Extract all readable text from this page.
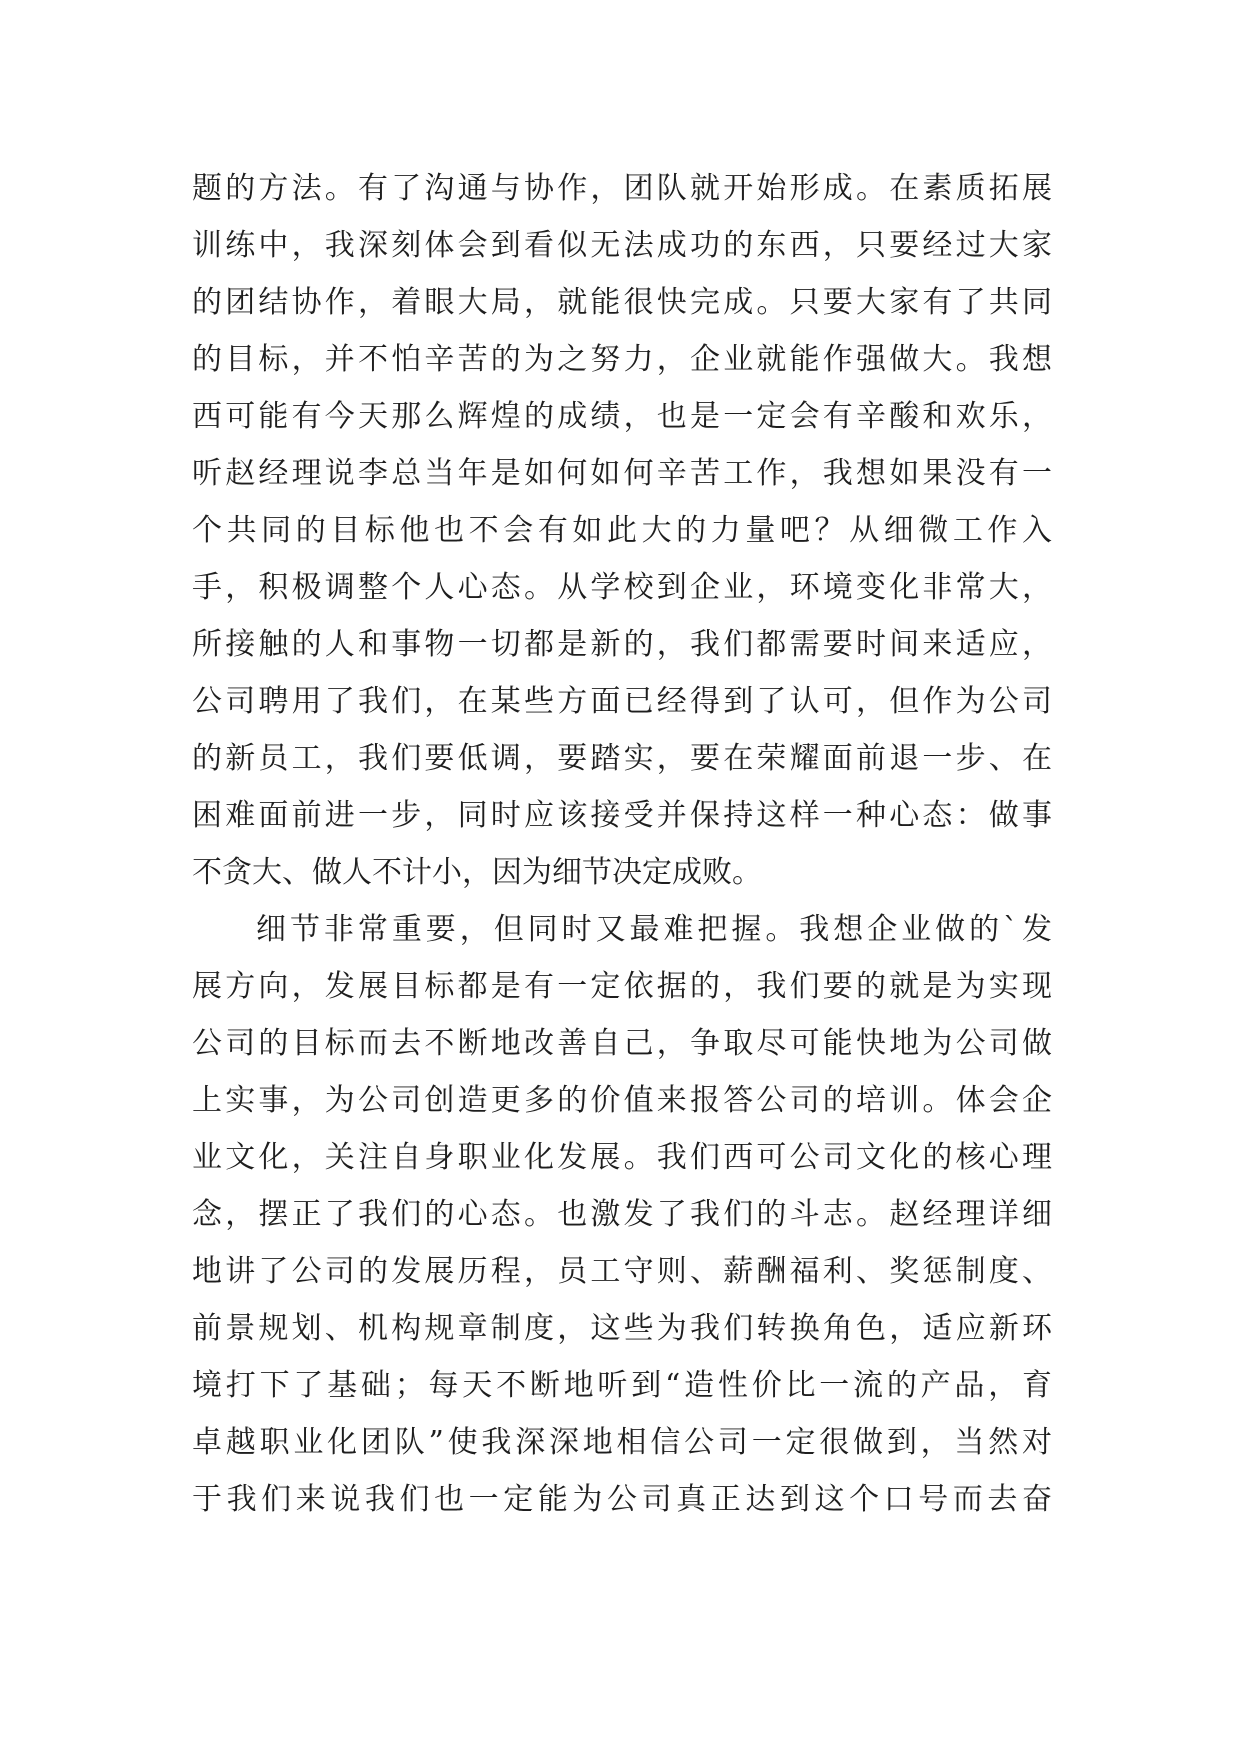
题的方法。有了沟通与协作，团队就开始形成。在素质拓展
训练中，我深刻体会到看似无法成功的东西，只要经过大家
的团结协作，着眼大局，就能很快完成。只要大家有了共同
的目标，并不怕辛苦的为之努力，企业就能作强做大。我想
西可能有今天那么辉煌的成绩，也是一定会有辛酸和欢乐，
听赵经理说李总当年是如何如何辛苦工作，我想如果没有一
个共同的目标他也不会有如此大的力量吧？从细微工作入
手，积极调整个人心态。从学校到企业，环境变化非常大，
所接触的人和事物一切都是新的，我们都需要时间来适应，
公司聘用了我们，在某些方面已经得到了认可，但作为公司
的新员工，我们要低调，要踏实，要在荣耀面前退一步、在
困难面前进一步，同时应该接受并保持这样一种心态：做事
不贪大、做人不计小，因为细节决定成败。
细节非常重要，但同时又最难把握。我想企业做的`发
展方向，发展目标都是有一定依据的，我们要的就是为实现
公司的目标而去不断地改善自己，争取尽可能快地为公司做
上实事，为公司创造更多的价值来报答公司的培训。体会企
业文化，关注自身职业化发展。我们西可公司文化的核心理
念，摆正了我们的心态。也激发了我们的斗志。赵经理详细
地讲了公司的发展历程，员工守则、薪酬福利、奖惩制度、
前景规划、机构规章制度，这些为我们转换角色，适应新环
境打下了基础；每天不断地听到“造性价比一流的产品，育
卓越职业化团队”使我深深地相信公司一定很做到，当然对
于我们来说我们也一定能为公司真正达到这个口号而去奋
